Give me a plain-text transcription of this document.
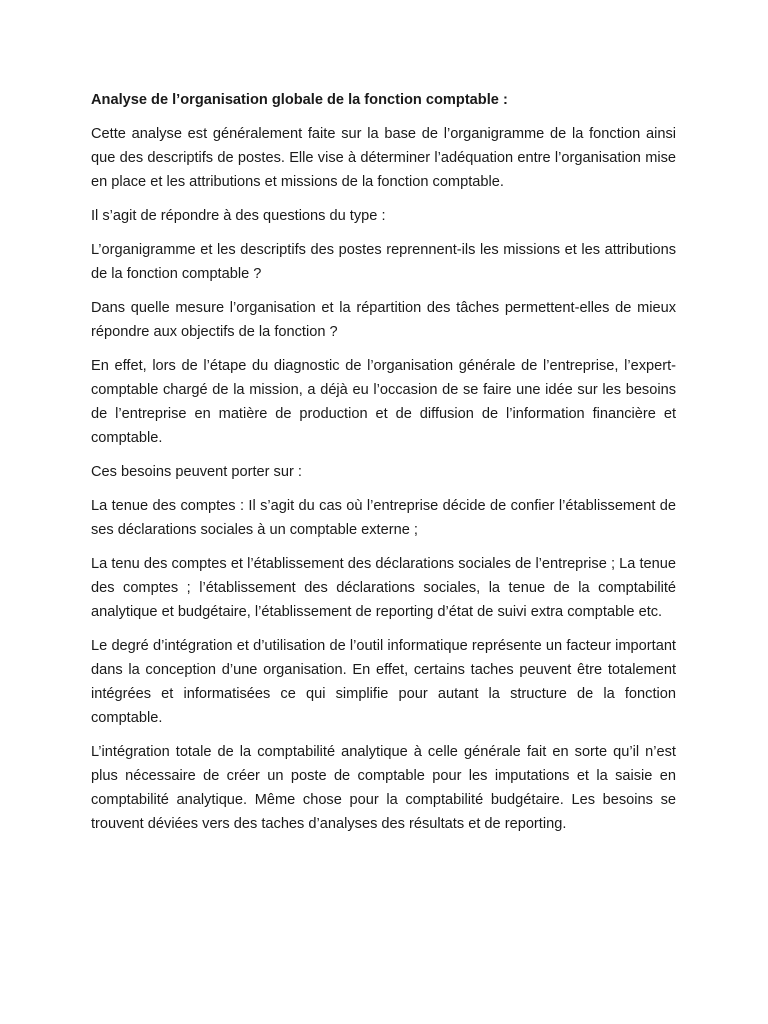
Analyse de l’organisation globale de la fonction comptable :

Cette analyse est généralement faite sur la base de l’organigramme de la fonction ainsi que des descriptifs de postes. Elle vise à déterminer l’adéquation entre l’organisation mise en place et les attributions et missions de la fonction comptable.

Il s’agit de répondre à des questions du type :

L’organigramme et les descriptifs des postes reprennent-ils les missions et les attributions de la fonction comptable ?

Dans quelle mesure l’organisation et la répartition des tâches permettent-elles de mieux répondre aux objectifs de la fonction ?

En effet, lors de l’étape du diagnostic de l’organisation générale de l’entreprise, l’expert-comptable chargé de la mission, a déjà eu l’occasion de se faire une idée sur les besoins de l’entreprise en matière de production et de diffusion de l’information financière et comptable.

Ces besoins peuvent porter sur :

La tenue des comptes : Il s’agit du cas où l’entreprise décide de confier l’établissement de ses déclarations sociales à un comptable externe ;

La tenu des comptes et l’établissement des déclarations sociales de l’entreprise ; La tenue des comptes ; l’établissement des déclarations sociales, la tenue de la comptabilité analytique et budgétaire, l’établissement de reporting d’état de suivi extra comptable etc.

Le degré d’intégration et d’utilisation de l’outil informatique représente un facteur important dans la conception d’une organisation. En effet, certains taches peuvent être totalement intégrées et informatisées ce qui simplifie pour autant la structure de la fonction comptable.

L’intégration totale de la comptabilité analytique à celle générale fait en sorte qu’il n’est plus nécessaire de créer un poste de comptable pour les imputations et la saisie en comptabilité analytique. Même chose pour la comptabilité budgétaire. Les besoins se trouvent déviées vers des taches d’analyses des résultats et de reporting.
